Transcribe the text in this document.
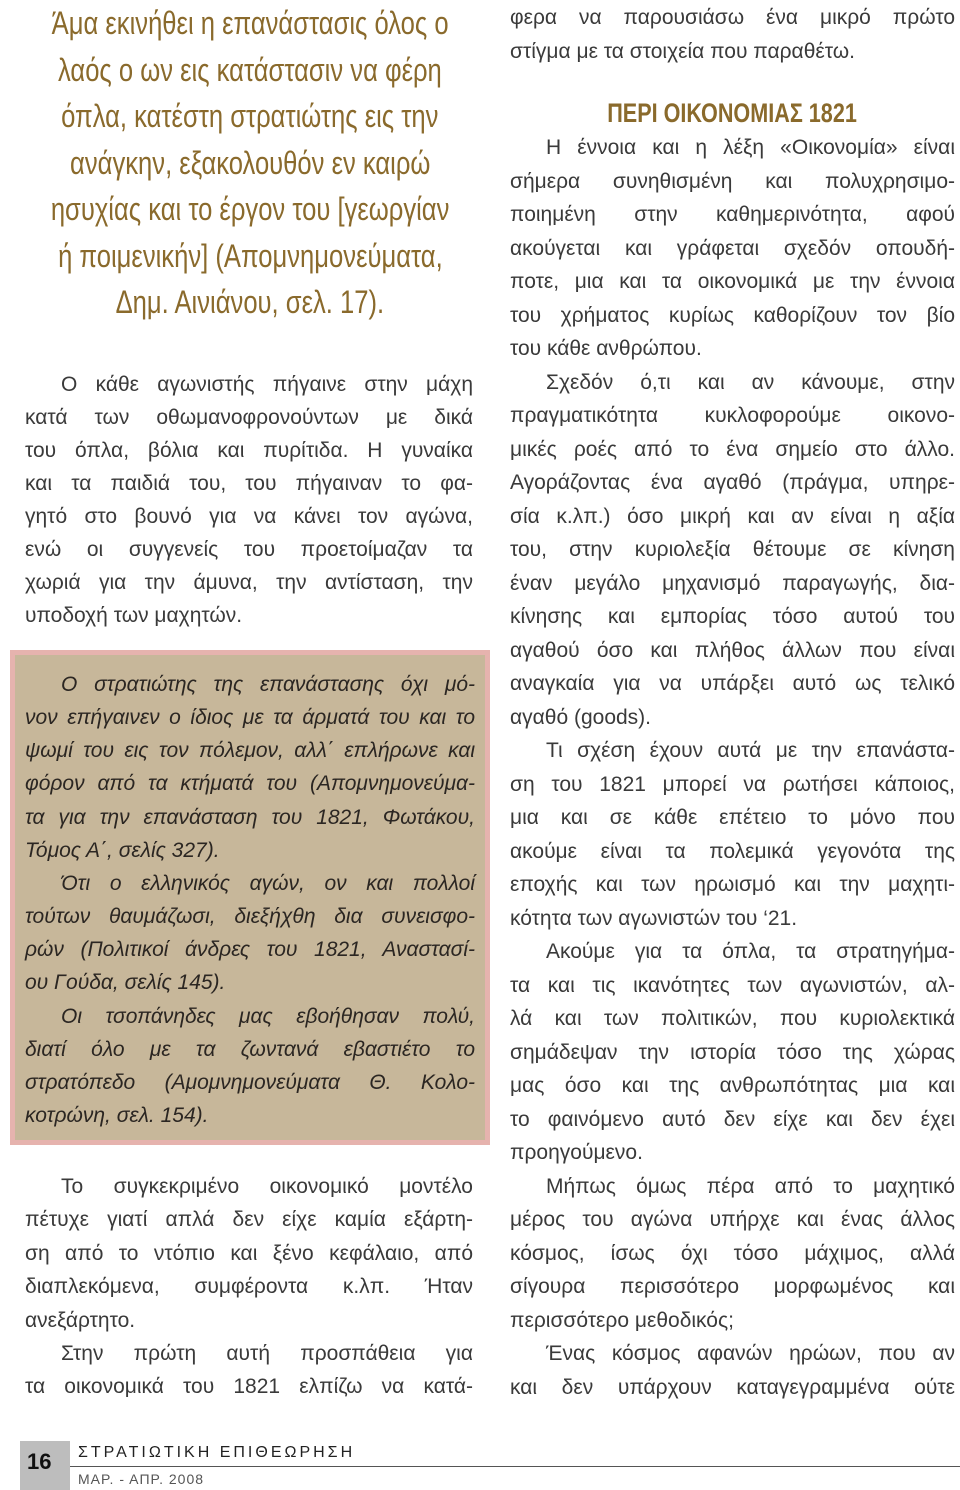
Άμα εκινήθει η επανάστασις όλος ο
λαός ο ων εις κατάστασιν να φέρη
όπλα, κατέστη στρατιώτης εις την
ανάγκην, εξακολουθόν εν καιρώ
ησυχίας και το έργον του [γεωργίαν
ή ποιμενικήν] (Απομνημονεύματα,
Δημ. Αινιάνου, σελ. 17).
Ο κάθε αγωνιστής πήγαινε στην μάχη
κατά των οθωμανοφρονούντων με δικά
του όπλα, βόλια και πυρίτιδα. Η γυναίκα
και τα παιδιά του, του πήγαιναν το φα-
γητό στο βουνό για να κάνει τον αγώνα,
ενώ οι συγγενείς του προετοίμαζαν τα
χωριά για την άμυνα, την αντίσταση, την
υποδοχή των μαχητών.
Ο στρατιώτης της επανάστασης όχι μό-
νον επήγαινεν ο ίδιος με τα άρματά του και το
ψωμί του εις τον πόλεμον, αλλ΄ επλήρωνε και
φόρον από τα κτήματά του (Απομνημονεύμα-
τα για την επανάσταση του 1821, Φωτάκου,
Τόμος Α΄, σελίς 327).
Ότι ο ελληνικός αγών, ον και πολλοί
τούτων θαυμάζωσι, διεξήχθη δια συνεισφο-
ρών (Πολιτικοί άνδρες του 1821, Αναστασί-
ου Γούδα, σελίς 145).
Οι τσοπάνηδες μας εβοήθησαν πολύ,
διατί όλο με τα ζωντανά εβαστιέτο το
στρατόπεδο (Αμομνημονεύματα Θ. Κολο-
κοτρώνη, σελ. 154).
Το συγκεκριμένο οικονομικό μοντέλο
πέτυχε γιατί απλά δεν είχε καμία εξάρτη-
ση από το ντόπιο και ξένο κεφάλαιο, από
διαπλεκόμενα, συμφέροντα κ.λπ. Ήταν
ανεξάρτητο.
Στην πρώτη αυτή προσπάθεια για
τα οικονομικά του 1821 ελπίζω να κατά-
φερα να παρουσιάσω ένα μικρό πρώτο
στίγμα με τα στοιχεία που παραθέτω.
ΠΕΡΙ ΟΙΚΟΝΟΜΙΑΣ 1821
Η έννοια και η λέξη «Οικονομία» είναι
σήμερα συνηθισμένη και πολυχρησιμο-
ποιημένη στην καθημερινότητα, αφού
ακούγεται και γράφεται σχεδόν οπουδή-
ποτε, μια και τα οικονομικά με την έννοια
του χρήματος κυρίως καθορίζουν τον βίο
του κάθε ανθρώπου.
Σχεδόν ό,τι και αν κάνουμε, στην
πραγματικότητα κυκλοφορούμε οικονο-
μικές ροές από το ένα σημείο στο άλλο.
Αγοράζοντας ένα αγαθό (πράγμα, υπηρε-
σία κ.λπ.) όσο μικρή και αν είναι η αξία
του, στην κυριολεξία θέτουμε σε κίνηση
έναν μεγάλο μηχανισμό παραγωγής, δια-
κίνησης και εμπορίας τόσο αυτού του
αγαθού όσο και πλήθος άλλων που είναι
αναγκαία για να υπάρξει αυτό ως τελικό
αγαθό (goods).
Τι σχέση έχουν αυτά με την επανάστα-
ση του 1821 μπορεί να ρωτήσει κάποιος,
μια και σε κάθε επέτειο το μόνο που
ακούμε είναι τα πολεμικά γεγονότα της
εποχής και των ηρωισμό και την μαχητι-
κότητα των αγωνιστών του ‘21.
Ακούμε για τα όπλα, τα στρατηγήμα-
τα και τις ικανότητες των αγωνιστών, αλ-
λά και των πολιτικών, που κυριολεκτικά
σημάδεψαν την ιστορία τόσο της χώρας
μας όσο και της ανθρωπότητας μια και
το φαινόμενο αυτό δεν είχε και δεν έχει
προηγούμενο.
Μήπως όμως πέρα από το μαχητικό
μέρος του αγώνα υπήρχε και ένας άλλος
κόσμος, ίσως όχι τόσο μάχιμος, αλλά
σίγουρα περισσότερο μορφωμένος και
περισσότερο μεθοδικός;
Ένας κόσμος αφανών ηρώων, που αν
και δεν υπάρχουν καταγεγραμμένα ούτε
16	ΣΤΡΑΤΙΩΤΙΚΗ ΕΠΙΘΕΩΡΗΣΗ
ΜΑΡ. - ΑΠΡ. 2008
